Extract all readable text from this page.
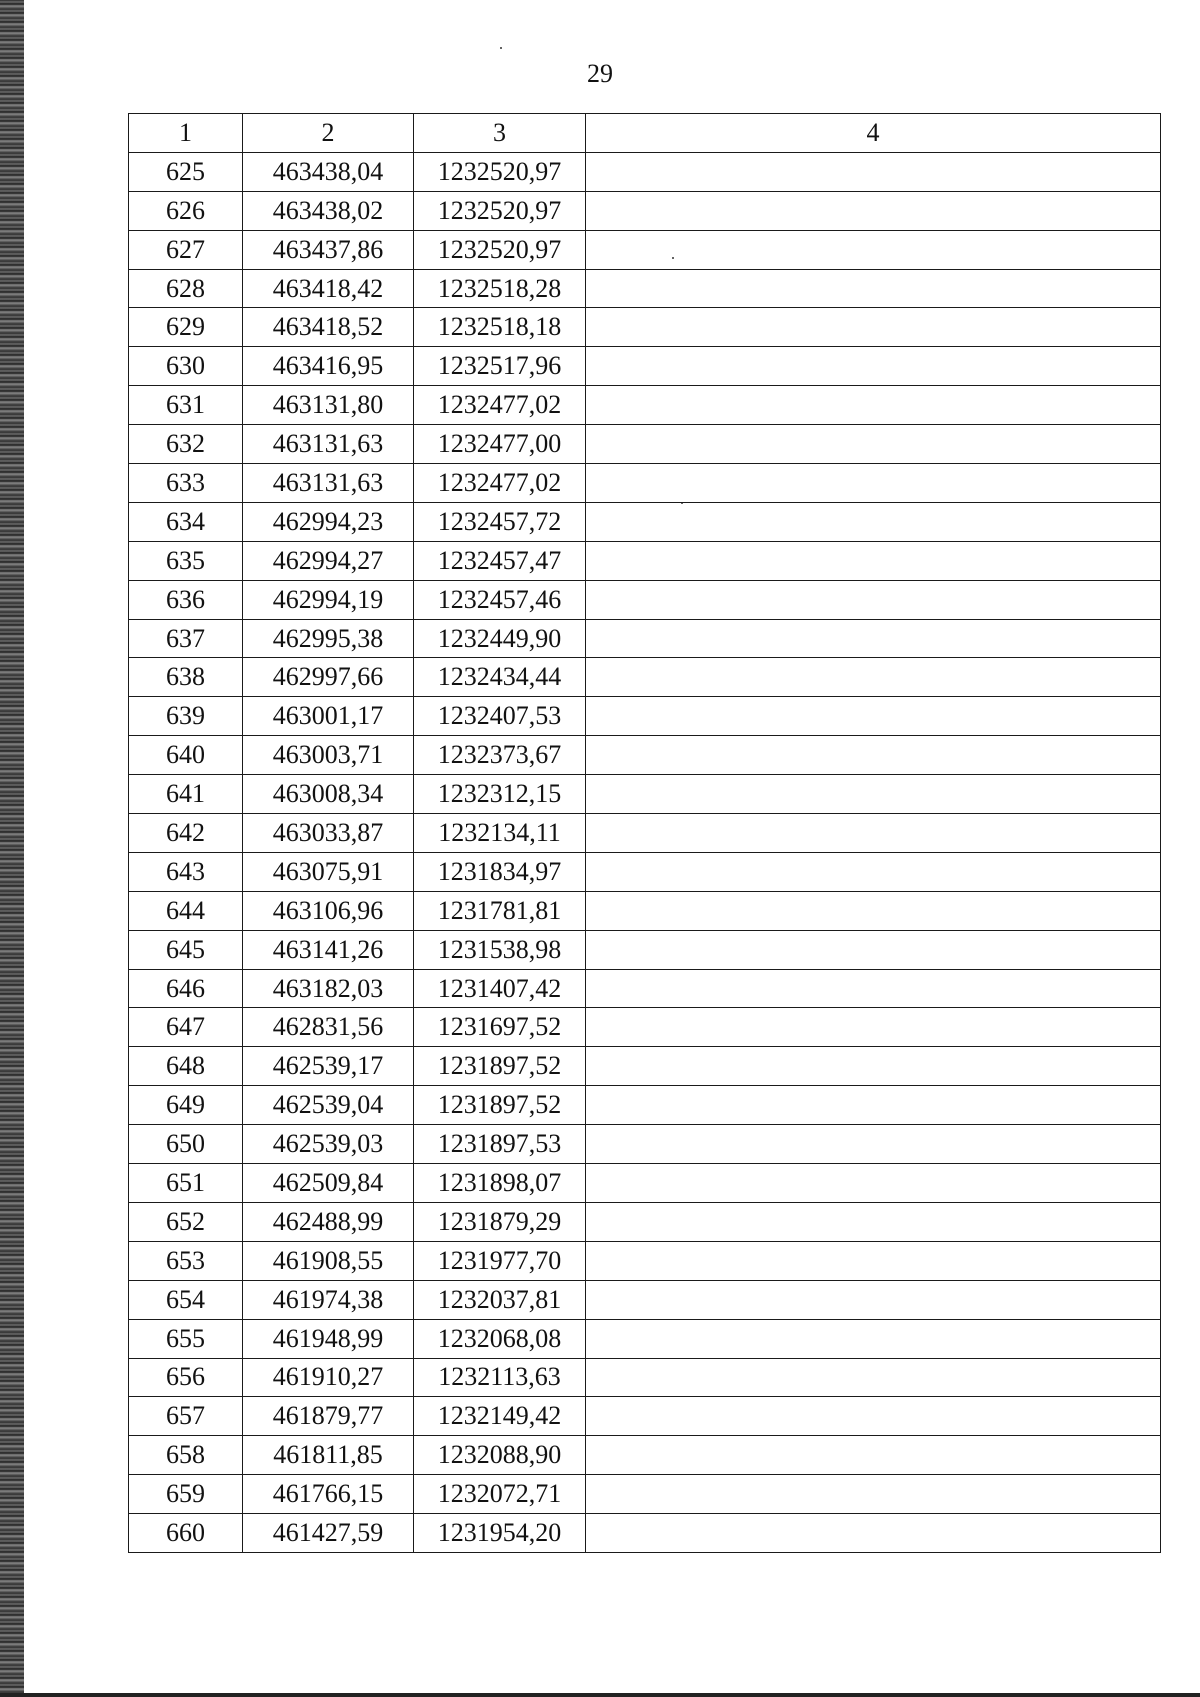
29
1	2	3	4
625	463438,04	1232520,97	
626	463438,02	1232520,97	
627	463437,86	1232520,97	
628	463418,42	1232518,28	
629	463418,52	1232518,18	
630	463416,95	1232517,96	
631	463131,80	1232477,02	
632	463131,63	1232477,00	
633	463131,63	1232477,02	
634	462994,23	1232457,72	
635	462994,27	1232457,47	
636	462994,19	1232457,46	
637	462995,38	1232449,90	
638	462997,66	1232434,44	
639	463001,17	1232407,53	
640	463003,71	1232373,67	
641	463008,34	1232312,15	
642	463033,87	1232134,11	
643	463075,91	1231834,97	
644	463106,96	1231781,81	
645	463141,26	1231538,98	
646	463182,03	1231407,42	
647	462831,56	1231697,52	
648	462539,17	1231897,52	
649	462539,04	1231897,52	
650	462539,03	1231897,53	
651	462509,84	1231898,07	
652	462488,99	1231879,29	
653	461908,55	1231977,70	
654	461974,38	1232037,81	
655	461948,99	1232068,08	
656	461910,27	1232113,63	
657	461879,77	1232149,42	
658	461811,85	1232088,90	
659	461766,15	1232072,71	
660	461427,59	1231954,20	
